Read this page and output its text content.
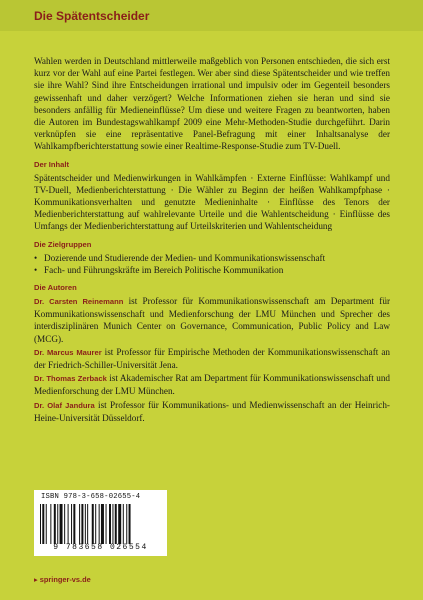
Die Spätentscheider

Wahlen werden in Deutschland mittlerweile maßgeblich von Personen entschieden, die sich erst kurz vor der Wahl auf eine Partei festlegen. Wer aber sind diese Spätentscheider und wie treffen sie ihre Wahl? Sind ihre Entscheidungen irrational und impulsiv oder im Gegenteil besonders gewissenhaft und daher verzögert? Welche Informationen ziehen sie heran und sind sie besonders anfällig für Medieneinflüsse? Um diese und weitere Fragen zu beantworten, haben die Autoren im Bundestagswahlkampf 2009 eine Mehr-Methoden-Studie durchgeführt. Darin verknüpfen sie eine repräsentative Panel-Befragung mit einer Inhaltsanalyse der Wahlkampfberichterstattung sowie einer Realtime-Response-Studie zum TV-Duell.

Der Inhalt

Spätentscheider und Medienwirkungen in Wahlkämpfen · Externe Einflüsse: Wahlkampf und TV-Duell, Medienberichterstattung · Die Wähler zu Beginn der heißen Wahlkampfphase · Kommunikationsverhalten und genutzte Medieninhalte · Einflüsse des Tenors der Medienberichterstattung auf wahlrelevante Urteile und die Wahlentscheidung · Einflüsse des Umfangs der Medienberichterstattung auf Urteilskriterien und Wahlentscheidung

Die Zielgruppen
• Dozierende und Studierende der Medien- und Kommunikationswissenschaft
• Fach- und Führungskräfte im Bereich Politische Kommunikation
Die Autoren

Dr. Carsten Reinemann ist Professor für Kommunikationswissenschaft am Department für Kommunikationswissenschaft und Medienforschung der LMU München und Sprecher des interdisziplinären Munich Center on Governance, Communication, Public Policy and Law (MCG).

Dr. Marcus Maurer ist Professor für Empirische Methoden der Kommunikationswissenschaft an der Friedrich-Schiller-Universität Jena.

Dr. Thomas Zerback ist Akademischer Rat am Department für Kommunikationswissenschaft und Medienforschung der LMU München.

Dr. Olaf Jandura ist Professor für Kommunikations- und Medienwissenschaft an der Heinrich-Heine-Universität Düsseldorf.

ISBN 978-3-658-02655-4
9 783658 026554
▸ springer-vs.de
